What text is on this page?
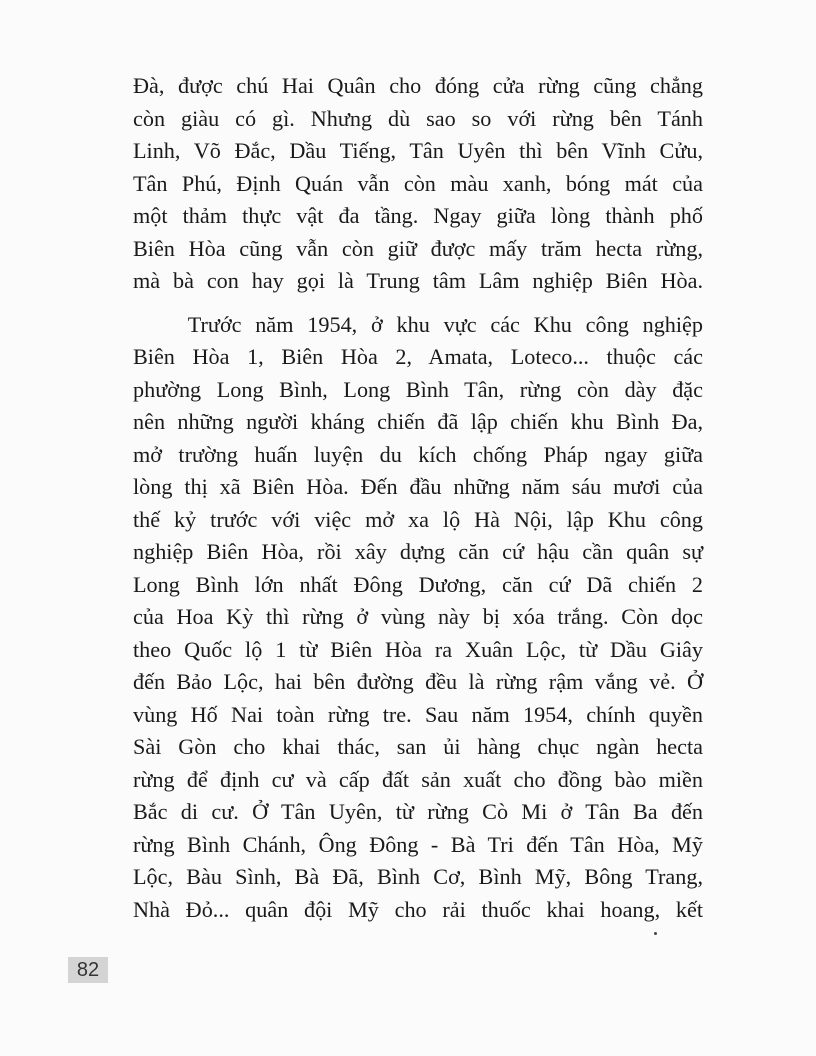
Đà, được chú Hai Quân cho đóng cửa rừng cũng chẳng
còn giàu có gì. Nhưng dù sao so với rừng bên Tánh
Linh, Võ Đắc, Dầu Tiếng, Tân Uyên thì bên Vĩnh Cửu,
Tân Phú, Định Quán vẫn còn màu xanh, bóng mát của
một thảm thực vật đa tầng. Ngay giữa lòng thành phố
Biên Hòa cũng vẫn còn giữ được mấy trăm hecta rừng,
mà bà con hay gọi là Trung tâm Lâm nghiệp Biên Hòa.
Trước năm 1954, ở khu vực các Khu công nghiệp
Biên Hòa 1, Biên Hòa 2, Amata, Loteco... thuộc các
phường Long Bình, Long Bình Tân, rừng còn dày đặc
nên những người kháng chiến đã lập chiến khu Bình Đa,
mở trường huấn luyện du kích chống Pháp ngay giữa
lòng thị xã Biên Hòa. Đến đầu những năm sáu mươi của
thế kỷ trước với việc mở xa lộ Hà Nội, lập Khu công
nghiệp Biên Hòa, rồi xây dựng căn cứ hậu cần quân sự
Long Bình lớn nhất Đông Dương, căn cứ Dã chiến 2
của Hoa Kỳ thì rừng ở vùng này bị xóa trắng. Còn dọc
theo Quốc lộ 1 từ Biên Hòa ra Xuân Lộc, từ Dầu Giây
đến Bảo Lộc, hai bên đường đều là rừng rậm vắng vẻ. Ở
vùng Hố Nai toàn rừng tre. Sau năm 1954, chính quyền
Sài Gòn cho khai thác, san ủi hàng chục ngàn hecta
rừng để định cư và cấp đất sản xuất cho đồng bào miền
Bắc di cư. Ở Tân Uyên, từ rừng Cò Mi ở Tân Ba đến
rừng Bình Chánh, Ông Đông - Bà Tri đến Tân Hòa, Mỹ
Lộc, Bàu Sình, Bà Đã, Bình Cơ, Bình Mỹ, Bông Trang,
Nhà Đỏ... quân đội Mỹ cho rải thuốc khai hoang, kết
82
